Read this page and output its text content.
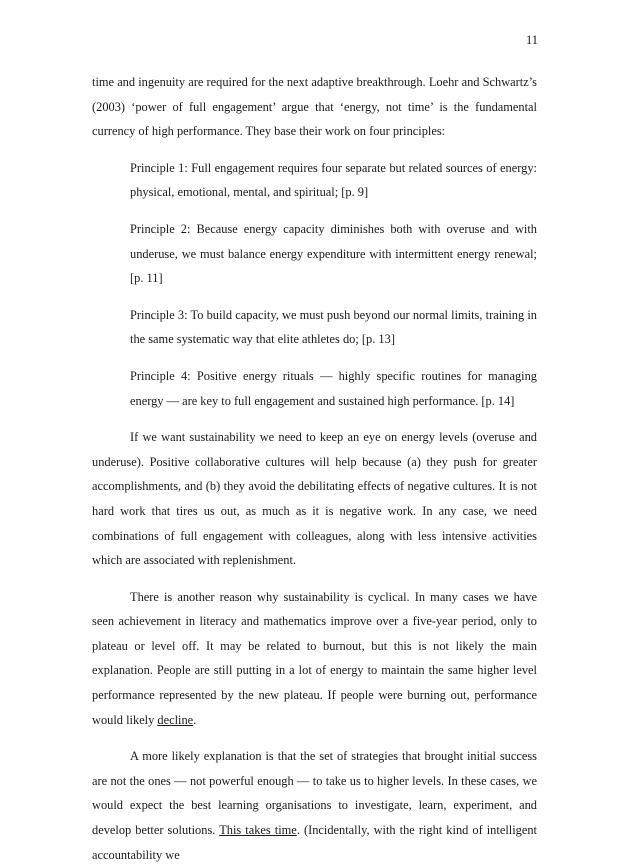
11

time and ingenuity are required for the next adaptive breakthrough. Loehr and Schwartz’s (2003) ‘power of full engagement’ argue that ‘energy, not time’ is the fundamental currency of high performance. They base their work on four principles:

Principle 1: Full engagement requires four separate but related sources of energy: physical, emotional, mental, and spiritual; [p. 9]

Principle 2: Because energy capacity diminishes both with overuse and with underuse, we must balance energy expenditure with intermittent energy renewal; [p. 11]

Principle 3: To build capacity, we must push beyond our normal limits, training in the same systematic way that elite athletes do; [p. 13]

Principle 4: Positive energy rituals — highly specific routines for managing energy — are key to full engagement and sustained high performance. [p. 14]

If we want sustainability we need to keep an eye on energy levels (overuse and underuse). Positive collaborative cultures will help because (a) they push for greater accomplishments, and (b) they avoid the debilitating effects of negative cultures. It is not hard work that tires us out, as much as it is negative work. In any case, we need combinations of full engagement with colleagues, along with less intensive activities which are associated with replenishment.

There is another reason why sustainability is cyclical. In many cases we have seen achievement in literacy and mathematics improve over a five-year period, only to plateau or level off. It may be related to burnout, but this is not likely the main explanation. People are still putting in a lot of energy to maintain the same higher level performance represented by the new plateau. If people were burning out, performance would likely decline.

A more likely explanation is that the set of strategies that brought initial success are not the ones — not powerful enough — to take us to higher levels. In these cases, we would expect the best learning organisations to investigate, learn, experiment, and develop better solutions. This takes time. (Incidentally, with the right kind of intelligent accountability we
